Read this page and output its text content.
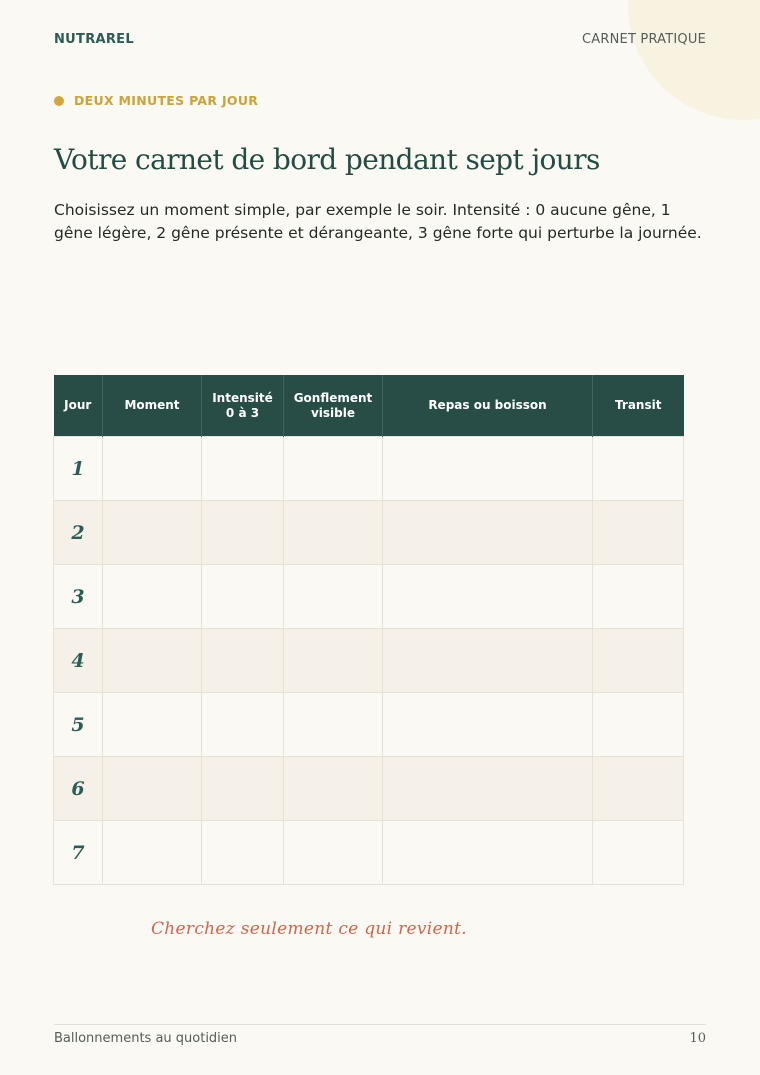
NUTRAREL	CARNET PRATIQUE
DEUX MINUTES PAR JOUR
Votre carnet de bord pendant sept jours

Choisissez un moment simple, par exemple le soir. Intensité : 0 aucune gêne, 1 gêne légère, 2 gêne présente et dérangeante, 3 gêne forte qui perturbe la journée.

Jour	Moment	Intensité 0 à 3	Gonflement visible	Repas ou boisson	Transit
1					
2					
3					
4					
5					
6					
7					
Cherchez seulement ce qui revient.
Ballonnements au quotidien	10
